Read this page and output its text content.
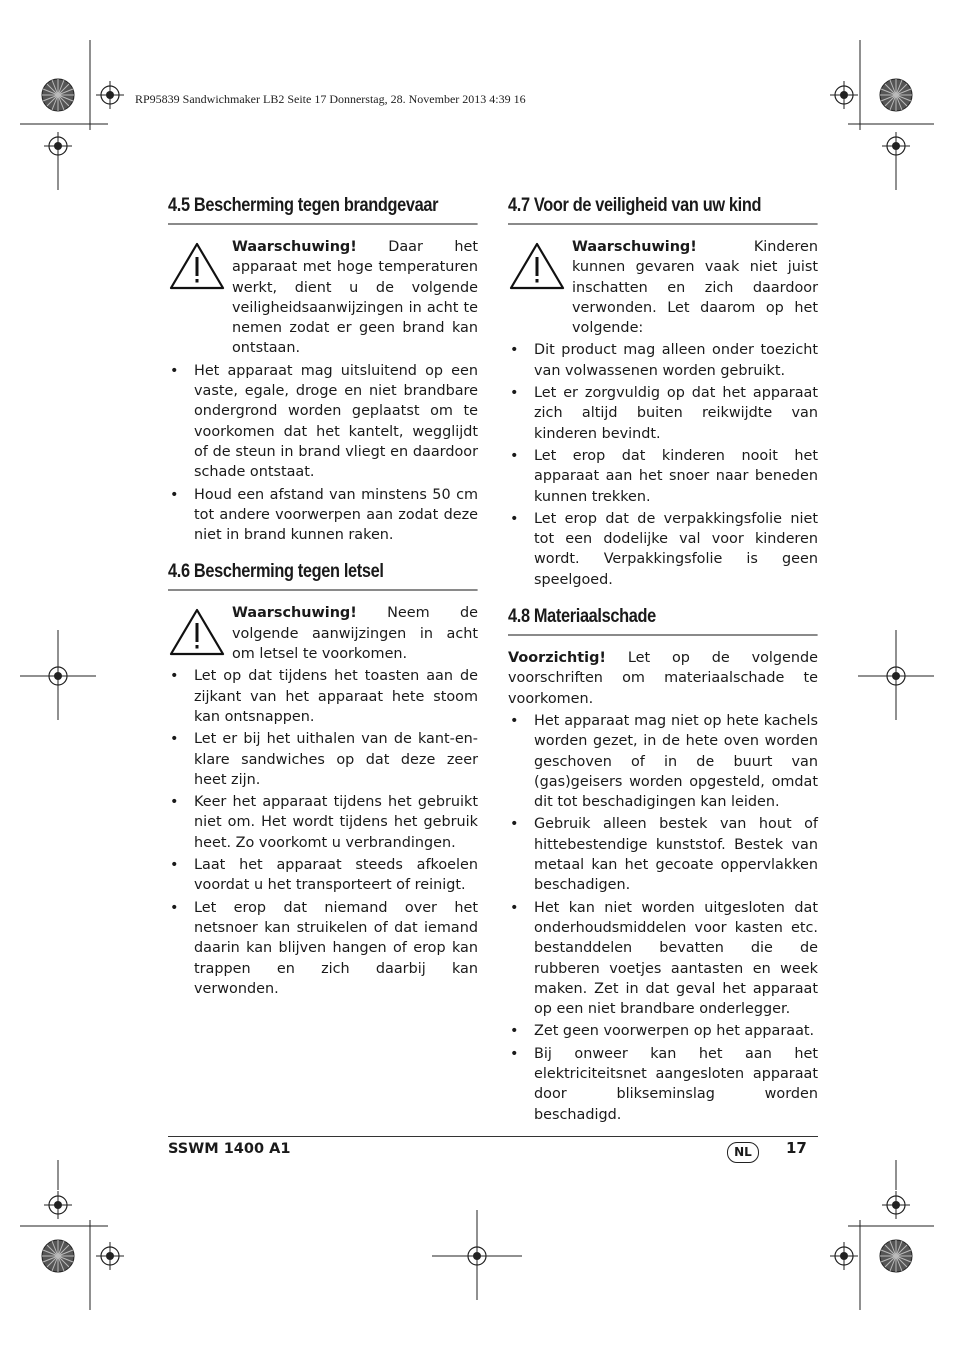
RP95839 Sandwichmaker LB2 Seite 17 Donnerstag, 28. November 2013 4:39 16
4.5 Bescherming tegen brandgevaar
Waarschuwing! Daar het apparaat met hoge temperaturen werkt, dient u de volgende veiligheidsaanwijzingen in acht te nemen zodat er geen brand kan ontstaan.
• Het apparaat mag uitsluitend op een vaste, egale, droge en niet brandbare ondergrond worden geplaatst om te voorkomen dat het kantelt, wegglijdt of de steun in brand vliegt en daardoor schade ontstaat.
• Houd een afstand van minstens 50 cm tot andere voorwerpen aan zodat deze niet in brand kunnen raken.
4.6 Bescherming tegen letsel
Waarschuwing! Neem de volgende aanwijzingen in acht om letsel te voorkomen.
• Let op dat tijdens het toasten aan de zijkant van het apparaat hete stoom kan ontsnappen.
• Let er bij het uithalen van de kant-en-klare sandwiches op dat deze zeer heet zijn.
• Keer het apparaat tijdens het gebruikt niet om. Het wordt tijdens het gebruik heet. Zo voorkomt u verbrandingen.
• Laat het apparaat steeds afkoelen voordat u het transporteert of reinigt.
• Let erop dat niemand over het netsnoer kan struikelen of dat iemand daarin kan blijven hangen of erop kan trappen en zich daarbij kan verwonden.
4.7 Voor de veiligheid van uw kind
Waarschuwing! Kinderen kunnen gevaren vaak niet juist inschatten en zich daardoor verwonden. Let daarom op het volgende:
• Dit product mag alleen onder toezicht van volwassenen worden gebruikt.
• Let er zorgvuldig op dat het apparaat zich altijd buiten reikwijdte van kinderen bevindt.
• Let erop dat kinderen nooit het apparaat aan het snoer naar beneden kunnen trekken.
• Let erop dat de verpakkingsfolie niet tot een dodelijke val voor kinderen wordt. Verpakkingsfolie is geen speelgoed.
4.8 Materiaalschade
Voorzichtig! Let op de volgende voorschriften om materiaalschade te voorkomen.
• Het apparaat mag niet op hete kachels worden gezet, in de hete oven worden geschoven of in de buurt van (gas)geisers worden opgesteld, omdat dit tot beschadigingen kan leiden.
• Gebruik alleen bestek van hout of hittebestendige kunststof. Bestek van metaal kan het gecoate oppervlakken beschadigen.
• Het kan niet worden uitgesloten dat onderhoudsmiddelen voor kasten etc. bestanddelen bevatten die de rubberen voetjes aantasten en week maken. Zet in dat geval het apparaat op een niet brandbare onderlegger.
• Zet geen voorwerpen op het apparaat.
• Bij onweer kan het aan het elektriciteitsnet aangesloten apparaat door blikseminslag worden beschadigd.
SSWM 1400 A1	NL	17
